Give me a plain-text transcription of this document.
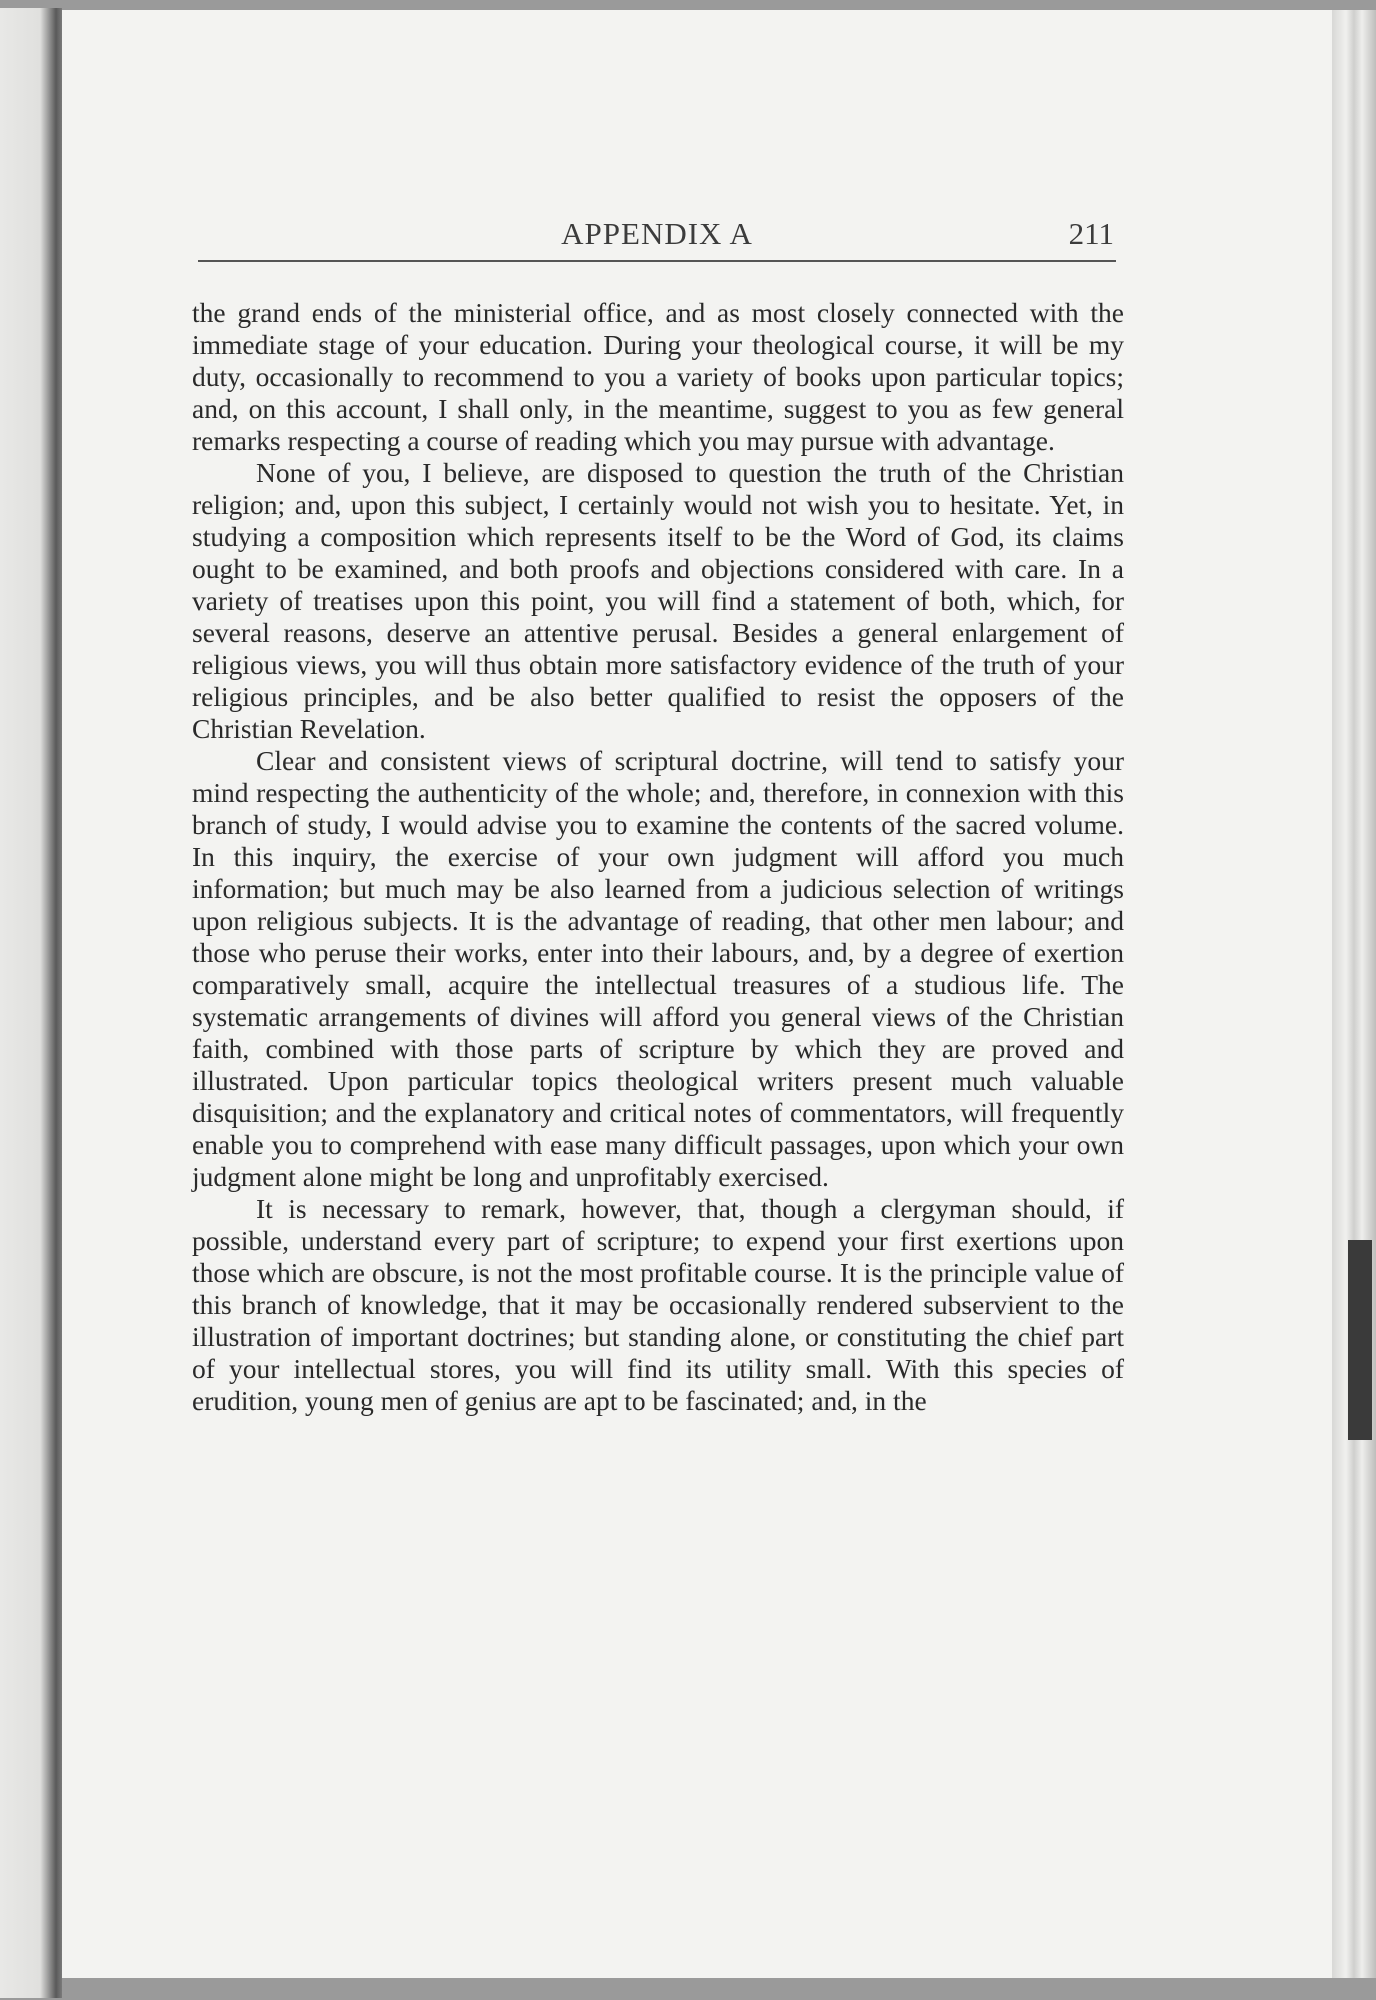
APPENDIX A	211

the grand ends of the ministerial office, and as most closely connected with the immediate stage of your education. During your theological course, it will be my duty, occasionally to recommend to you a variety of books upon particular topics; and, on this account, I shall only, in the meantime, suggest to you as few general remarks respecting a course of reading which you may pursue with advantage.

None of you, I believe, are disposed to question the truth of the Christian religion; and, upon this subject, I certainly would not wish you to hesitate. Yet, in studying a composition which represents itself to be the Word of God, its claims ought to be examined, and both proofs and objections considered with care. In a variety of treatises upon this point, you will find a statement of both, which, for several reasons, deserve an attentive perusal. Besides a general enlargement of religious views, you will thus obtain more satisfactory evidence of the truth of your religious principles, and be also better qualified to resist the opposers of the Christian Revelation.

Clear and consistent views of scriptural doctrine, will tend to satisfy your mind respecting the authenticity of the whole; and, therefore, in connexion with this branch of study, I would advise you to examine the contents of the sacred volume. In this inquiry, the exercise of your own judgment will afford you much information; but much may be also learned from a judicious selection of writings upon religious subjects. It is the advantage of reading, that other men labour; and those who peruse their works, enter into their labours, and, by a degree of exertion comparatively small, acquire the intellectual treasures of a studious life. The systematic arrangements of divines will afford you general views of the Christian faith, combined with those parts of scripture by which they are proved and illustrated. Upon particular topics theological writers present much valuable disquisition; and the explanatory and critical notes of commentators, will frequently enable you to comprehend with ease many difficult passages, upon which your own judgment alone might be long and unprofitably exercised.

It is necessary to remark, however, that, though a clergyman should, if possible, understand every part of scripture; to expend your first exertions upon those which are obscure, is not the most profitable course. It is the principle value of this branch of knowledge, that it may be occasionally rendered subservient to the illustration of important doctrines; but standing alone, or constituting the chief part of your intellectual stores, you will find its utility small. With this species of erudition, young men of genius are apt to be fascinated; and, in the
